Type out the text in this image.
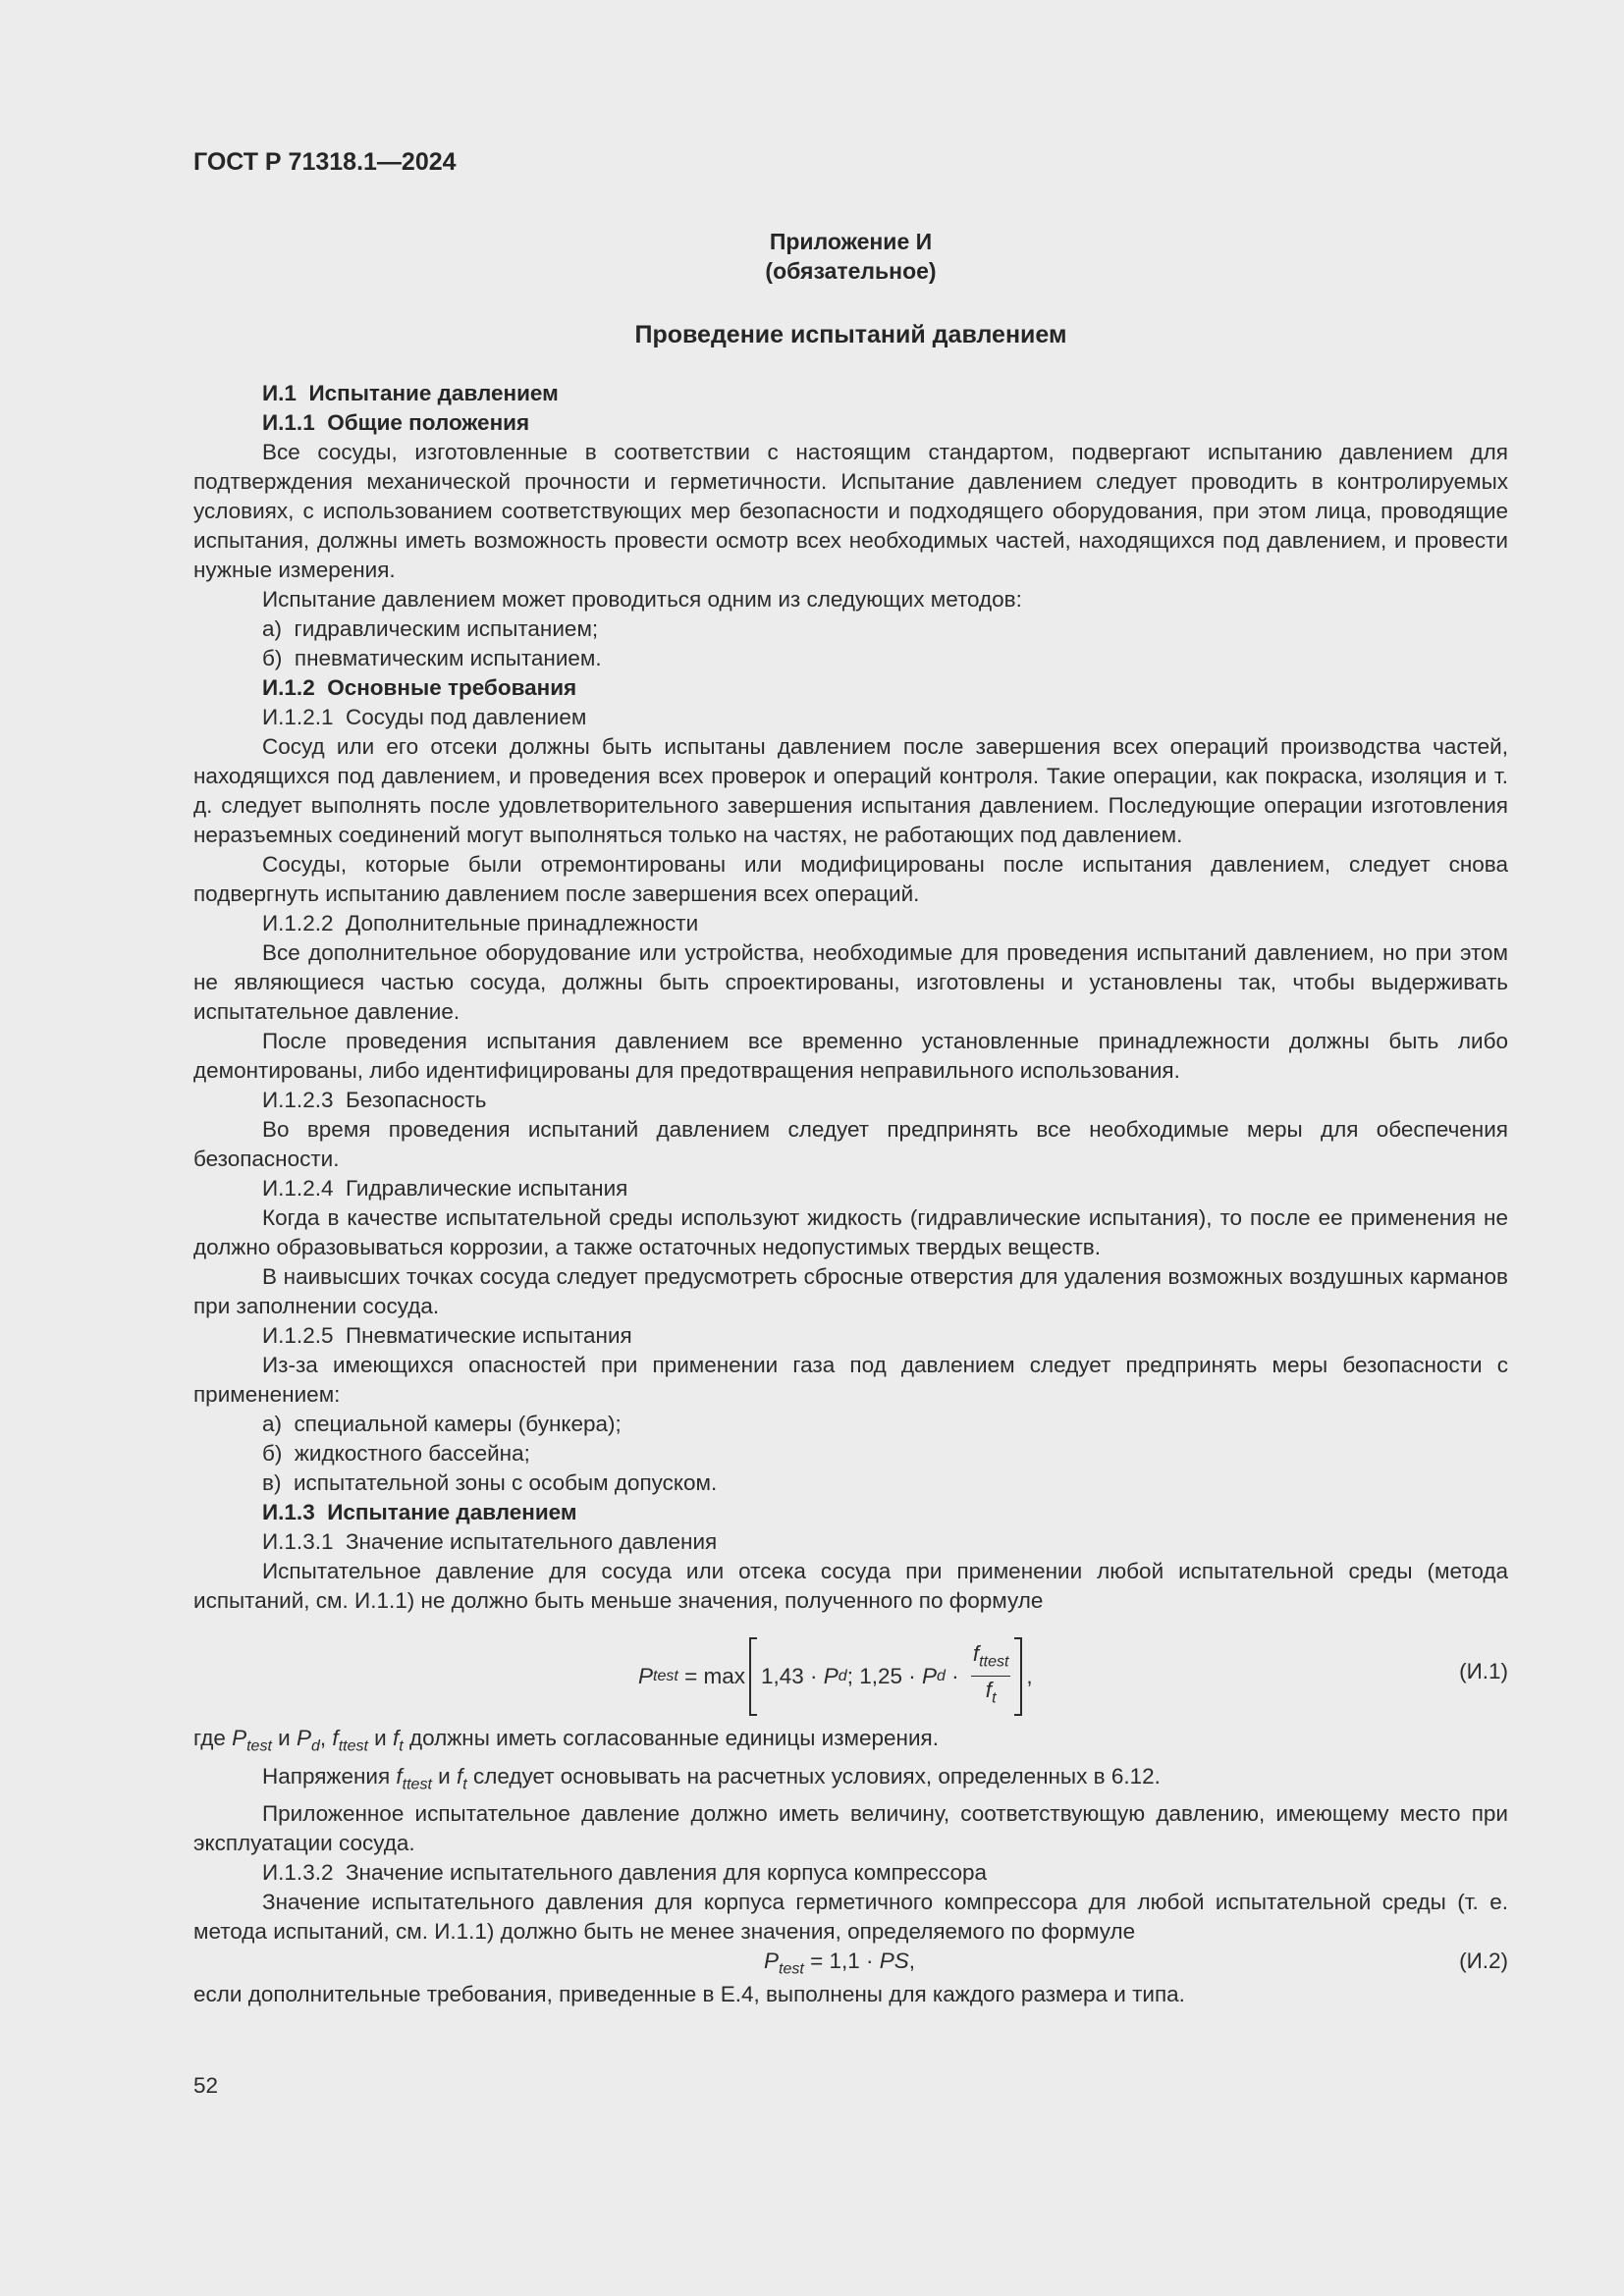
ГОСТ Р 71318.1—2024
Приложение И
(обязательное)
Проведение испытаний давлением

И.1  Испытание давлением

И.1.1  Общие положения

Все сосуды, изготовленные в соответствии с настоящим стандартом, подвергают испытанию давлением для подтверждения механической прочности и герметичности. Испытание давлением следует проводить в контролируемых условиях, с использованием соответствующих мер безопасности и подходящего оборудования, при этом лица, проводящие испытания, должны иметь возможность провести осмотр всех необходимых частей, находящихся под давлением, и провести нужные измерения.

Испытание давлением может проводиться одним из следующих методов:

а)  гидравлическим испытанием;

б)  пневматическим испытанием.

И.1.2  Основные требования

И.1.2.1  Сосуды под давлением

Сосуд или его отсеки должны быть испытаны давлением после завершения всех операций производства частей, находящихся под давлением, и проведения всех проверок и операций контроля. Такие операции, как покраска, изоляция и т. д. следует выполнять после удовлетворительного завершения испытания давлением. Последующие операции изготовления неразъемных соединений могут выполняться только на частях, не работающих под давлением.

Сосуды, которые были отремонтированы или модифицированы после испытания давлением, следует снова подвергнуть испытанию давлением после завершения всех операций.

И.1.2.2  Дополнительные принадлежности

Все дополнительное оборудование или устройства, необходимые для проведения испытаний давлением, но при этом не являющиеся частью сосуда, должны быть спроектированы, изготовлены и установлены так, чтобы выдерживать испытательное давление.

После проведения испытания давлением все временно установленные принадлежности должны быть либо демонтированы, либо идентифицированы для предотвращения неправильного использования.

И.1.2.3  Безопасность

Во время проведения испытаний давлением следует предпринять все необходимые меры для обеспечения безопасности.

И.1.2.4  Гидравлические испытания

Когда в качестве испытательной среды используют жидкость (гидравлические испытания), то после ее применения не должно образовываться коррозии, а также остаточных недопустимых твердых веществ.

В наивысших точках сосуда следует предусмотреть сбросные отверстия для удаления возможных воздушных карманов при заполнении сосуда.

И.1.2.5  Пневматические испытания

Из-за имеющихся опасностей при применении газа под давлением следует предпринять меры безопасности с применением:

а)  специальной камеры (бункера);

б)  жидкостного бассейна;

в)  испытательной зоны с особым допуском.

И.1.3  Испытание давлением

И.1.3.1  Значение испытательного давления

Испытательное давление для сосуда или отсека сосуда при применении любой испытательной среды (метода испытаний, см. И.1.1) не должно быть меньше значения, полученного по формуле

P test = max 1,43 · P d ; 1,25 · P $d \cdot \frac{f_{ttest}}{f_t}$ ,	(И.1)

где $P_{test}$ и $P_d$, $f_{ttest}$ и $f_t$ должны иметь согласованные единицы измерения.

Напряжения $f_{ttest}$ и $f_t$ следует основывать на расчетных условиях, определенных в 6.12.

Приложенное испытательное давление должно иметь величину, соответствующую давлению, имеющему место при эксплуатации сосуда.

И.1.3.2  Значение испытательного давления для корпуса компрессора

Значение испытательного давления для корпуса герметичного компрессора для любой испытательной среды (т. е. метода испытаний, см. И.1.1) должно быть не менее значения, определяемого по формуле

$P_{test} = 1,1$ · PS,	(И.2)

если дополнительные требования, приведенные в Е.4, выполнены для каждого размера и типа.

52
